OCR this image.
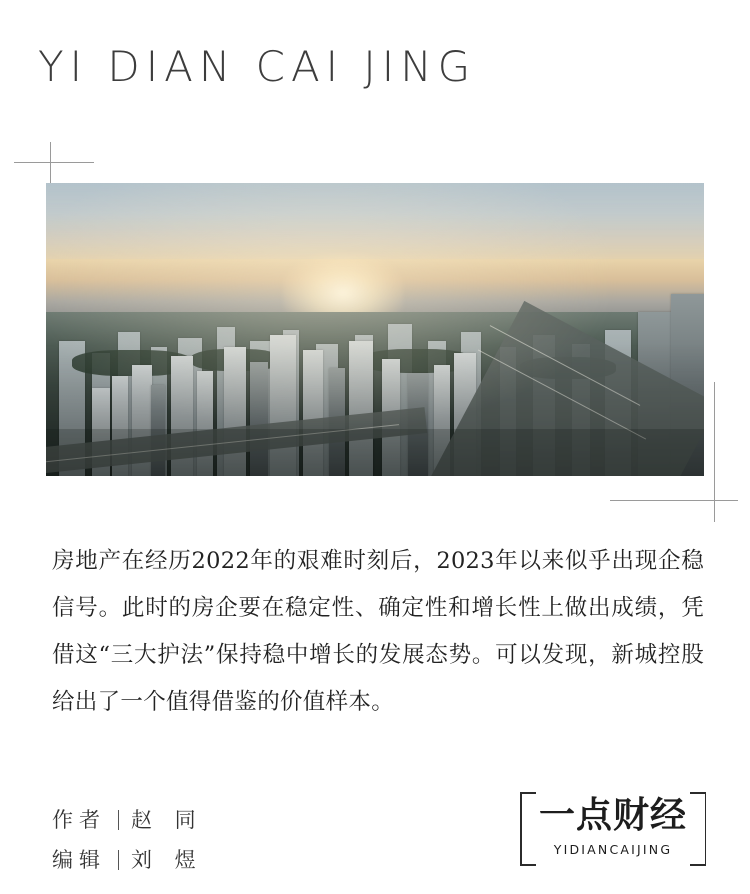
YI DIAN CAI JING
房地产在经历2022年的艰难时刻后，2023年以来似乎出现企稳信号。此时的房企要在稳定性、确定性和增长性上做出成绩，凭借这“三大护法”保持稳中增长的发展态势。可以发现，新城控股给出了一个值得借鉴的价值样本。
作者 赵 同
编辑 刘 煜
一点财经
YIDIANCAIJING
